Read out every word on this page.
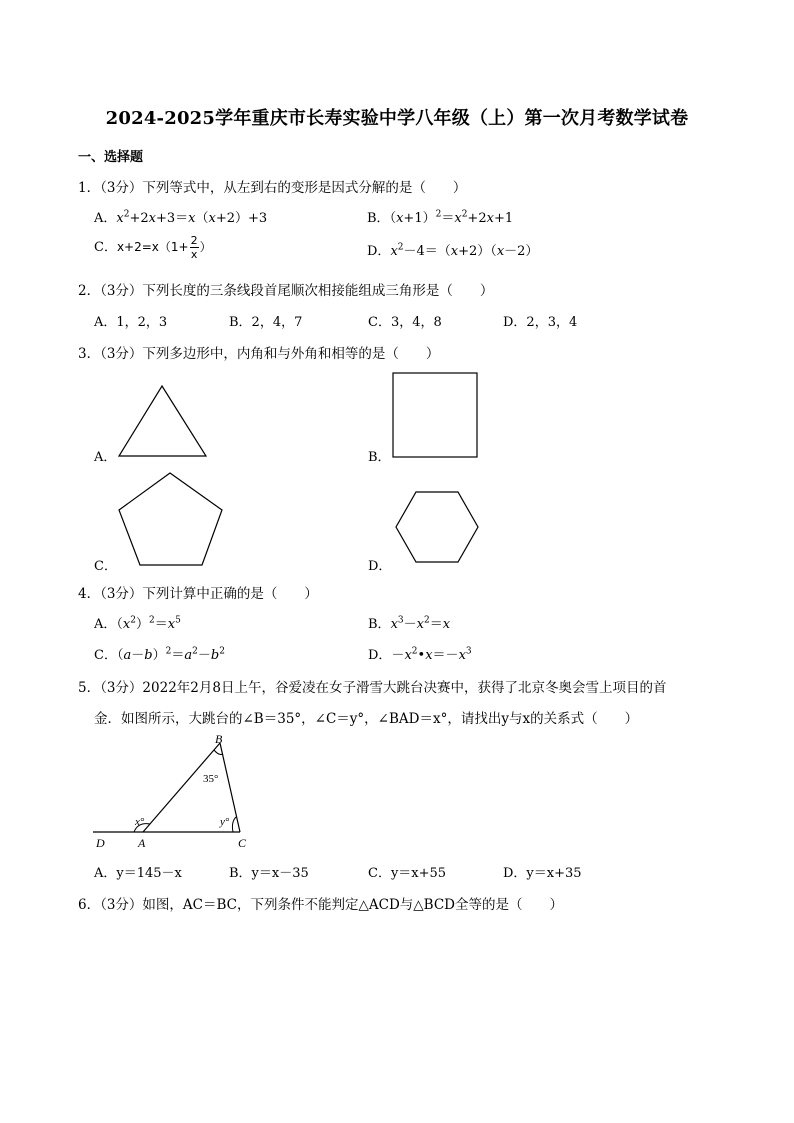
2024-2025学年重庆市长寿实验中学八年级（上）第一次月考数学试卷
一、选择题
1．（3分）下列等式中，从左到右的变形是因式分解的是（　　）
A．$x^2+2x+3=x(x+2)+3$	B．$(x+1)^2=x^2+2x+1$
C．$x+2=x(1+ \frac{2}{x}$ ）	D．$x^2-4=(x+2)(x-2)$
2．（3分）下列长度的三条线段首尾顺次相接能组成三角形是（　　）
A．1，2，3	B．2，4，7	C．3，4，8	D．2，3，4
3．（3分）下列多边形中，内角和与外角和相等的是（　　）
A．	B．
C．	D．
4．（3分）下列计算中正确的是（　　）
A．$(x^2)^2=x^5$	B．$x^3-x^2=x$
C．$(a-b)^2=a^2-b^2$	D．$-x^2•x=-x^3$
5．（3分）2022年2月8日上午，谷爱凌在女子滑雪大跳台决赛中，获得了北京冬奥会雪上项目的首
金．如图所示，大跳台的∠B＝35°，∠C＝y°，∠BAD＝x°，请找出y与x的关系式（　　）
B
C
A
D
35°
x°	y°
A．y＝145－x	B．y＝x－35	C．y＝x+55	D．y＝x+35
6．（3分）如图，AC＝BC，下列条件不能判定△ACD与△BCD全等的是（　　）
